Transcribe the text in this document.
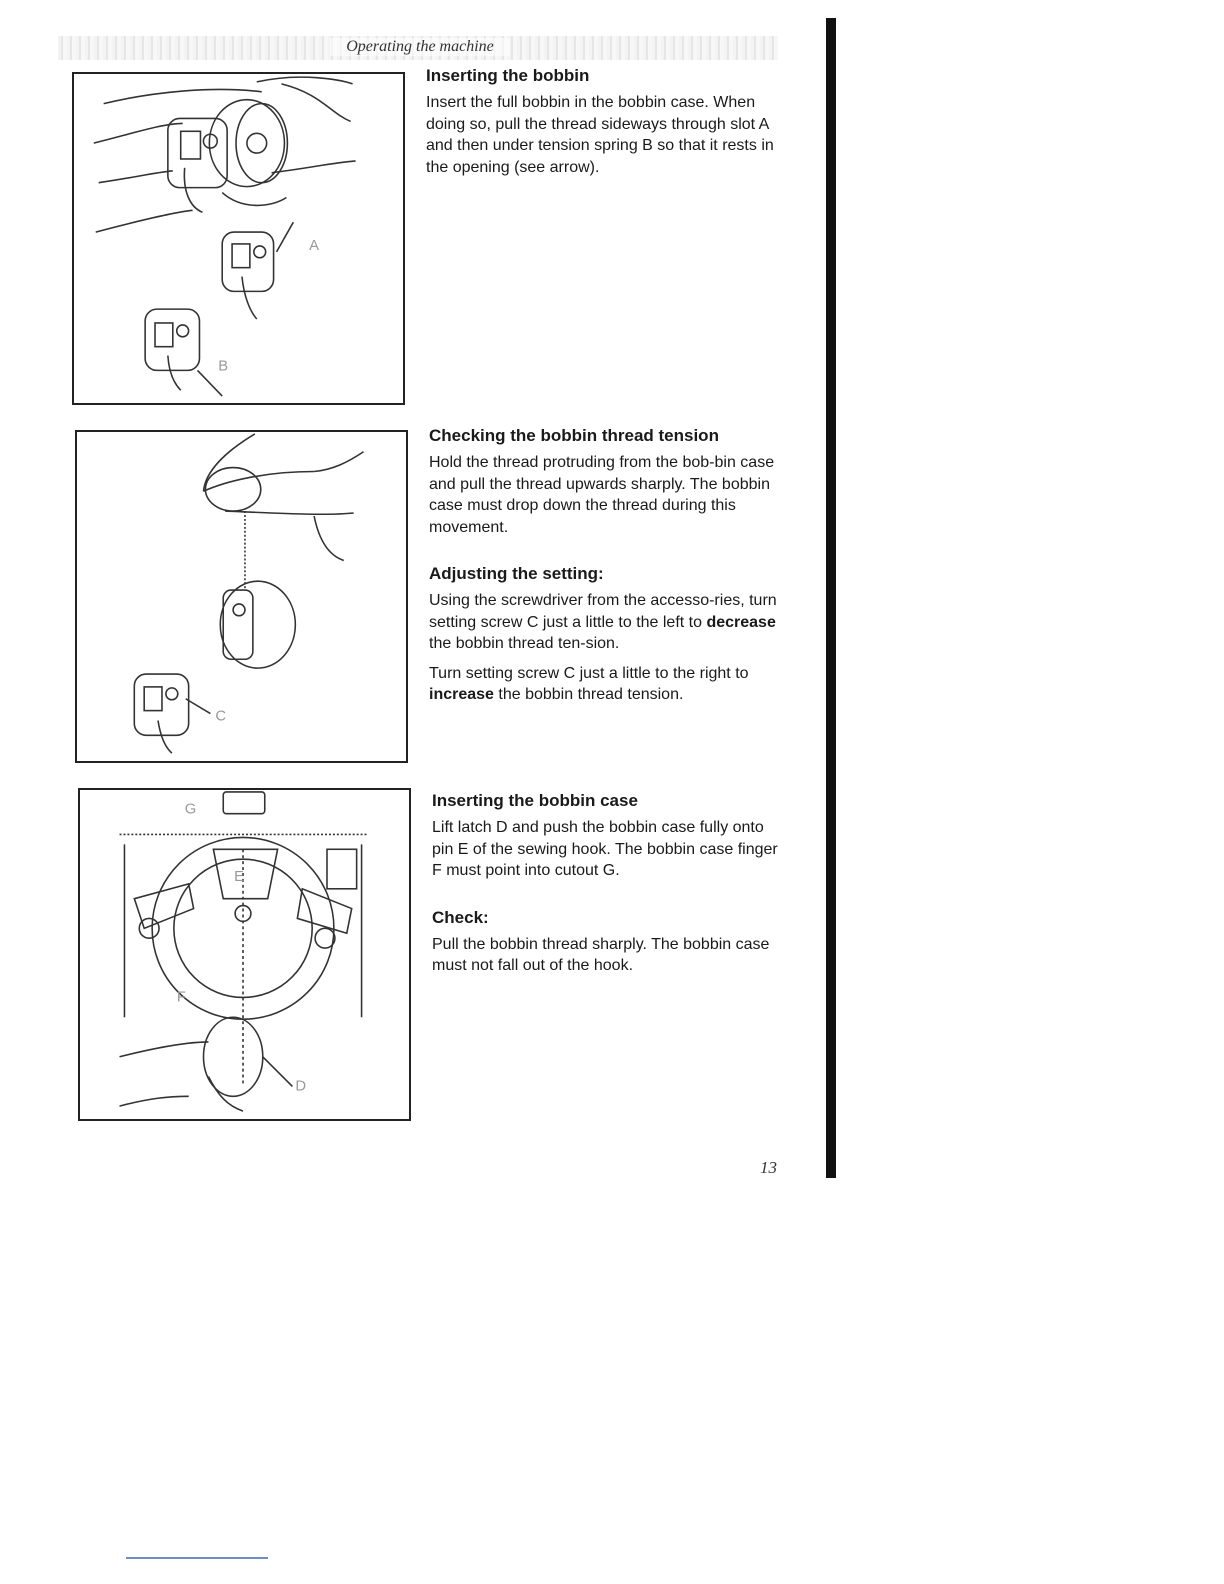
Operating the machine
A
B
C
G
E
F
D
Inserting the bobbin

Insert the full bobbin in the bobbin case. When doing so, pull the thread sideways through slot A and then under tension spring B so that it rests in the opening (see arrow).

Checking the bobbin thread tension

Hold the thread protruding from the bob-bin case and pull the thread upwards sharply. The bobbin case must drop down the thread during this movement.

Adjusting the setting:

Using the screwdriver from the accesso-ries, turn setting screw C just a little to the left to decrease the bobbin thread ten-sion.

Turn setting screw C just a little to the right to increase the bobbin thread tension.

Inserting the bobbin case

Lift latch D and push the bobbin case fully onto pin E of the sewing hook. The bobbin case finger F must point into cutout G.

Check:

Pull the bobbin thread sharply. The bobbin case must not fall out of the hook.

13
